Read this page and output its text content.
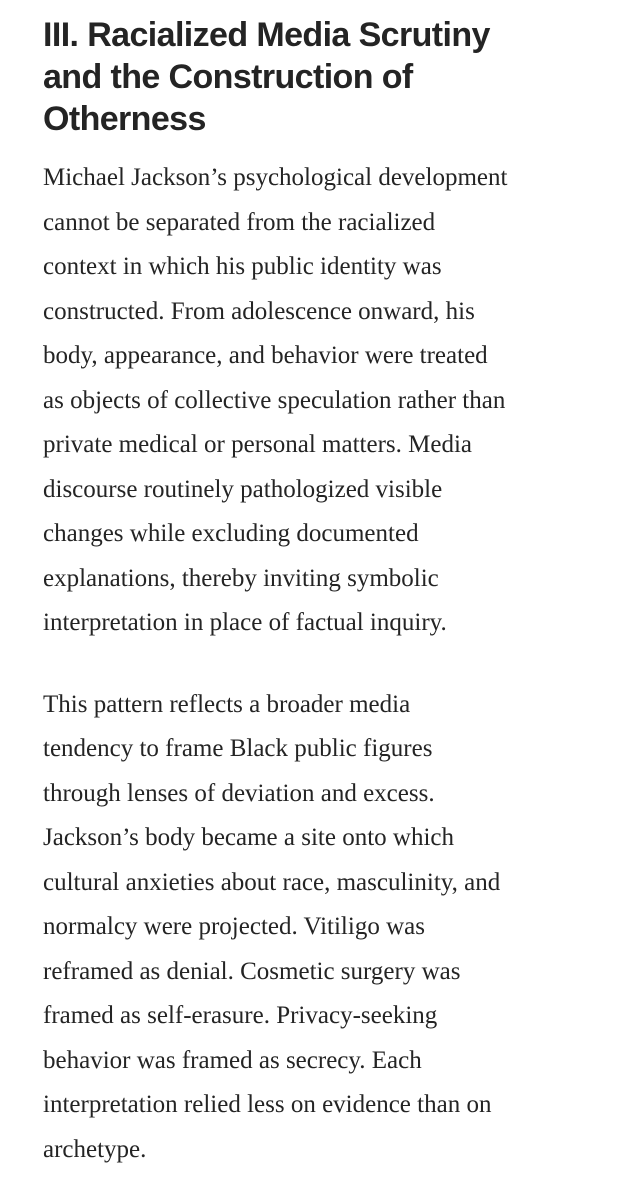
III. Racialized Media Scrutiny
and the Construction of
Otherness

Michael Jackson’s psychological development
cannot be separated from the racialized
context in which his public identity was
constructed. From adolescence onward, his
body, appearance, and behavior were treated
as objects of collective speculation rather than
private medical or personal matters. Media
discourse routinely pathologized visible
changes while excluding documented
explanations, thereby inviting symbolic
interpretation in place of factual inquiry.

This pattern reflects a broader media
tendency to frame Black public figures
through lenses of deviation and excess.
Jackson’s body became a site onto which
cultural anxieties about race, masculinity, and
normalcy were projected. Vitiligo was
reframed as denial. Cosmetic surgery was
framed as self-erasure. Privacy-seeking
behavior was framed as secrecy. Each
interpretation relied less on evidence than on
archetype.
